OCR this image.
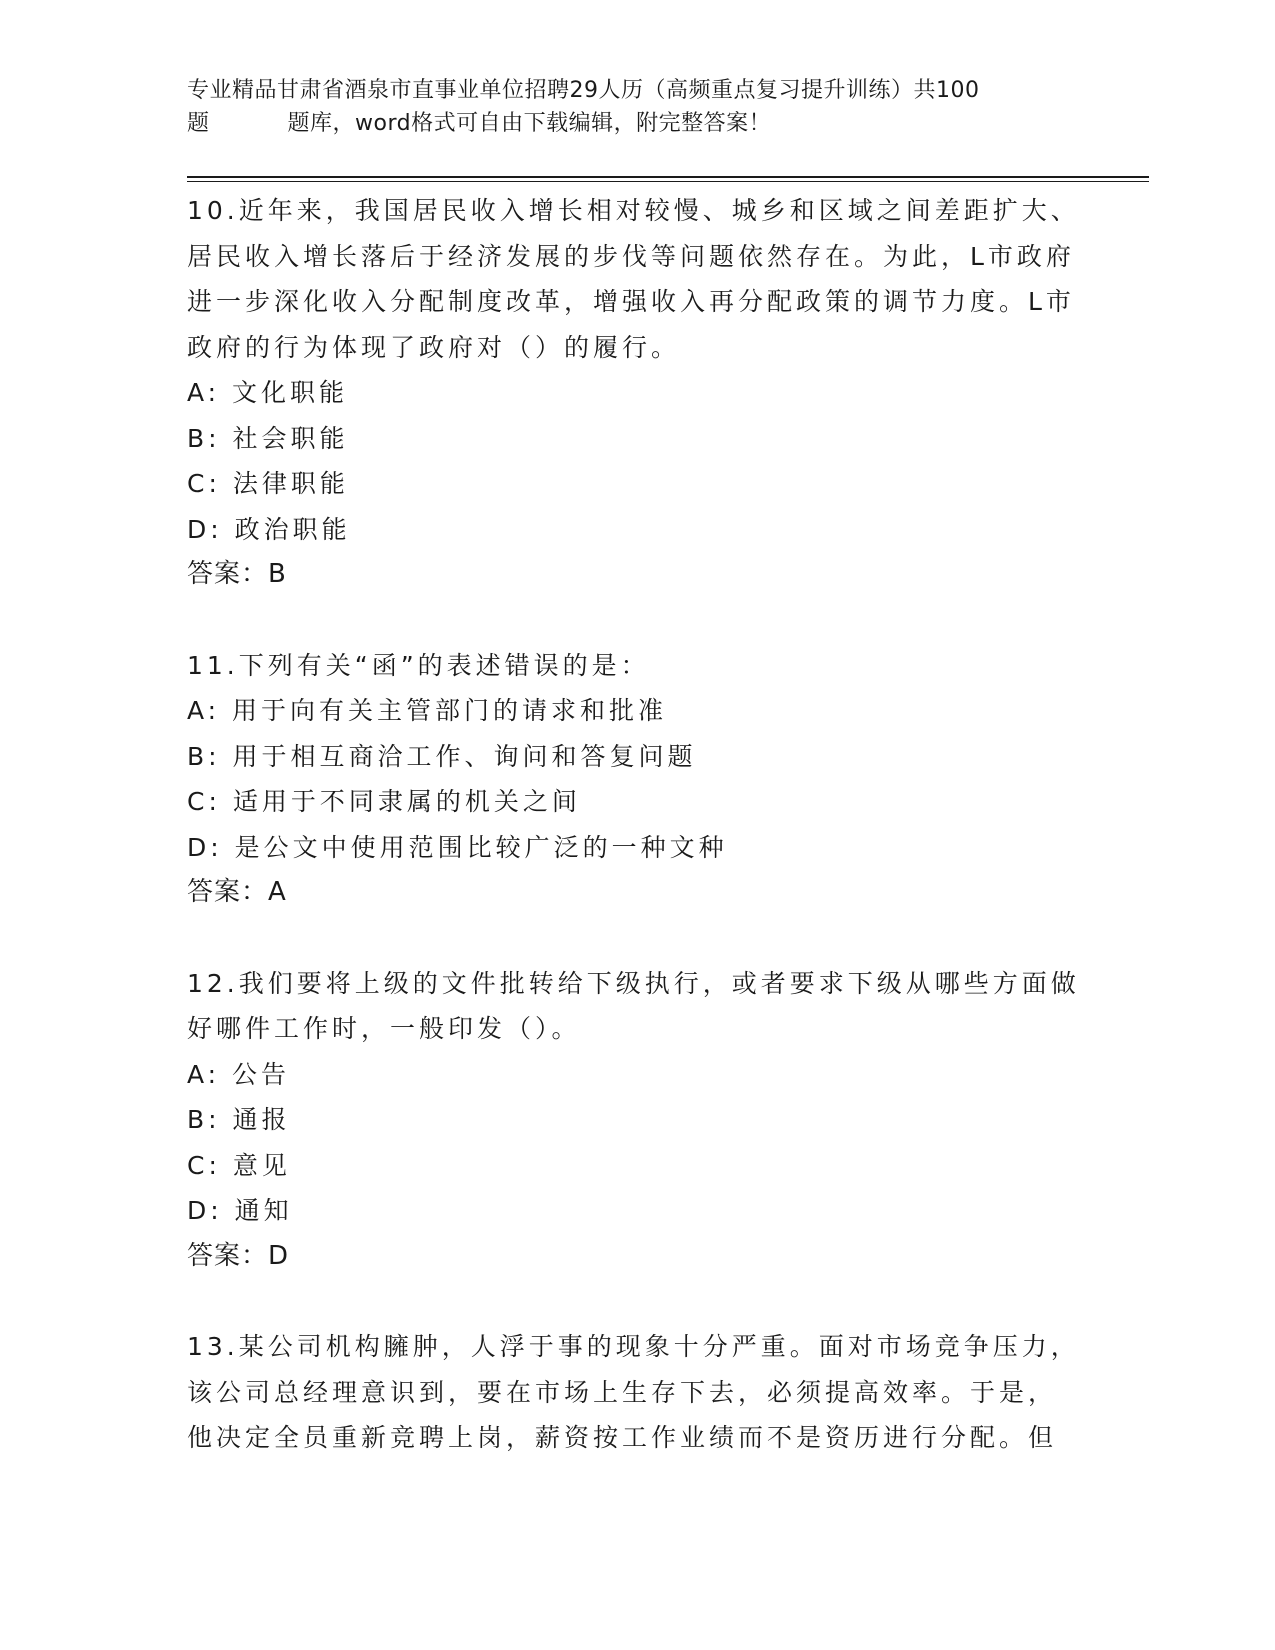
专业精品甘肃省酒泉市直事业单位招聘29人历（高频重点复习提升训练）共100
题	题库，word格式可自由下载编辑，附完整答案！

10.近年来，我国居民收入增长相对较慢、城乡和区域之间差距扩大、

居民收入增长落后于经济发展的步伐等问题依然存在。为此，L市政府

进一步深化收入分配制度改革，增强收入再分配政策的调节力度。L市

政府的行为体现了政府对（）的履行。

A: 文化职能

B: 社会职能

C: 法律职能

D: 政治职能

答案：B

11.下列有关“函”的表述错误的是：

A: 用于向有关主管部门的请求和批准

B: 用于相互商洽工作、询问和答复问题

C: 适用于不同隶属的机关之间

D: 是公文中使用范围比较广泛的一种文种

答案：A

12.我们要将上级的文件批转给下级执行，或者要求下级从哪些方面做

好哪件工作时，一般印发（）。

A: 公告

B: 通报

C: 意见

D: 通知

答案：D

13.某公司机构臃肿，人浮于事的现象十分严重。面对市场竞争压力，

该公司总经理意识到，要在市场上生存下去，必须提高效率。于是，

他决定全员重新竞聘上岗，薪资按工作业绩而不是资历进行分配。但
